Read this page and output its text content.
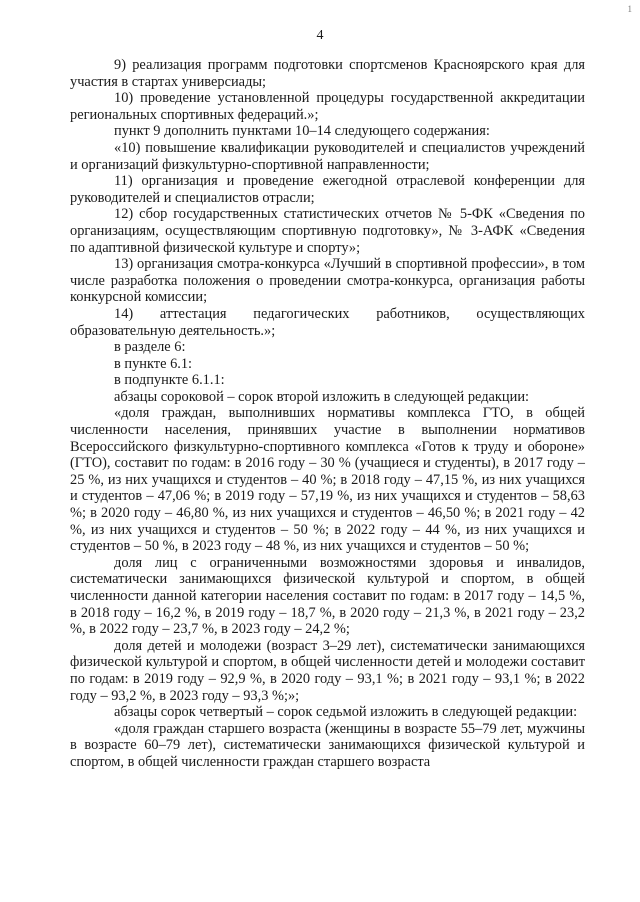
1
4

9) реализация программ подготовки спортсменов Красноярского края для участия в стартах универсиады;

10) проведение установленной процедуры государственной аккредитации региональных спортивных федераций.»;

пункт 9 дополнить пунктами 10–14 следующего содержания:

«10) повышение квалификации руководителей и специалистов учреждений и организаций физкультурно-спортивной направленности;

11) организация и проведение ежегодной отраслевой конференции для руководителей и специалистов отрасли;

12) сбор государственных статистических отчетов № 5-ФК «Сведения по организациям, осуществляющим спортивную подготовку», № 3-АФК «Сведения по адаптивной физической культуре и спорту»;

13) организация смотра-конкурса «Лучший в спортивной профессии», в том числе разработка положения о проведении смотра-конкурса, организация работы конкурсной комиссии;

14) аттестация педагогических работников, осуществляющих образовательную деятельность.»;

в разделе 6:

в пункте 6.1:

в подпункте 6.1.1:

абзацы сороковой – сорок второй изложить в следующей редакции:

«доля граждан, выполнивших нормативы комплекса ГТО, в общей численности населения, принявших участие в выполнении нормативов Всероссийского физкультурно-спортивного комплекса «Готов к труду и обороне» (ГТО), составит по годам: в 2016 году – 30 % (учащиеся и студенты), в 2017 году – 25 %, из них учащихся и студентов – 40 %; в 2018 году – 47,15 %, из них учащихся и студентов – 47,06 %; в 2019 году – 57,19 %, из них учащихся и студентов – 58,63 %; в 2020 году – 46,80 %, из них учащихся и студентов – 46,50 %; в 2021 году – 42 %, из них учащихся и студентов – 50 %; в 2022 году – 44 %, из них учащихся и студентов – 50 %, в 2023 году – 48 %, из них учащихся и студентов – 50 %;

доля лиц с ограниченными возможностями здоровья и инвалидов, систематически занимающихся физической культурой и спортом, в общей численности данной категории населения составит по годам: в 2017 году – 14,5 %, в 2018 году – 16,2 %, в 2019 году – 18,7 %, в 2020 году – 21,3 %, в 2021 году – 23,2 %, в 2022 году – 23,7 %, в 2023 году – 24,2 %;

доля детей и молодежи (возраст 3–29 лет), систематически занимающихся физической культурой и спортом, в общей численности детей и молодежи составит по годам: в 2019 году – 92,9 %, в 2020 году – 93,1 %; в 2021 году – 93,1 %; в 2022 году – 93,2 %, в 2023 году – 93,3 %;»;

абзацы сорок четвертый – сорок седьмой изложить в следующей редакции:

«доля граждан старшего возраста (женщины в возрасте 55–79 лет, мужчины в возрасте 60–79 лет), систематически занимающихся физической культурой и спортом, в общей численности граждан старшего возраста
